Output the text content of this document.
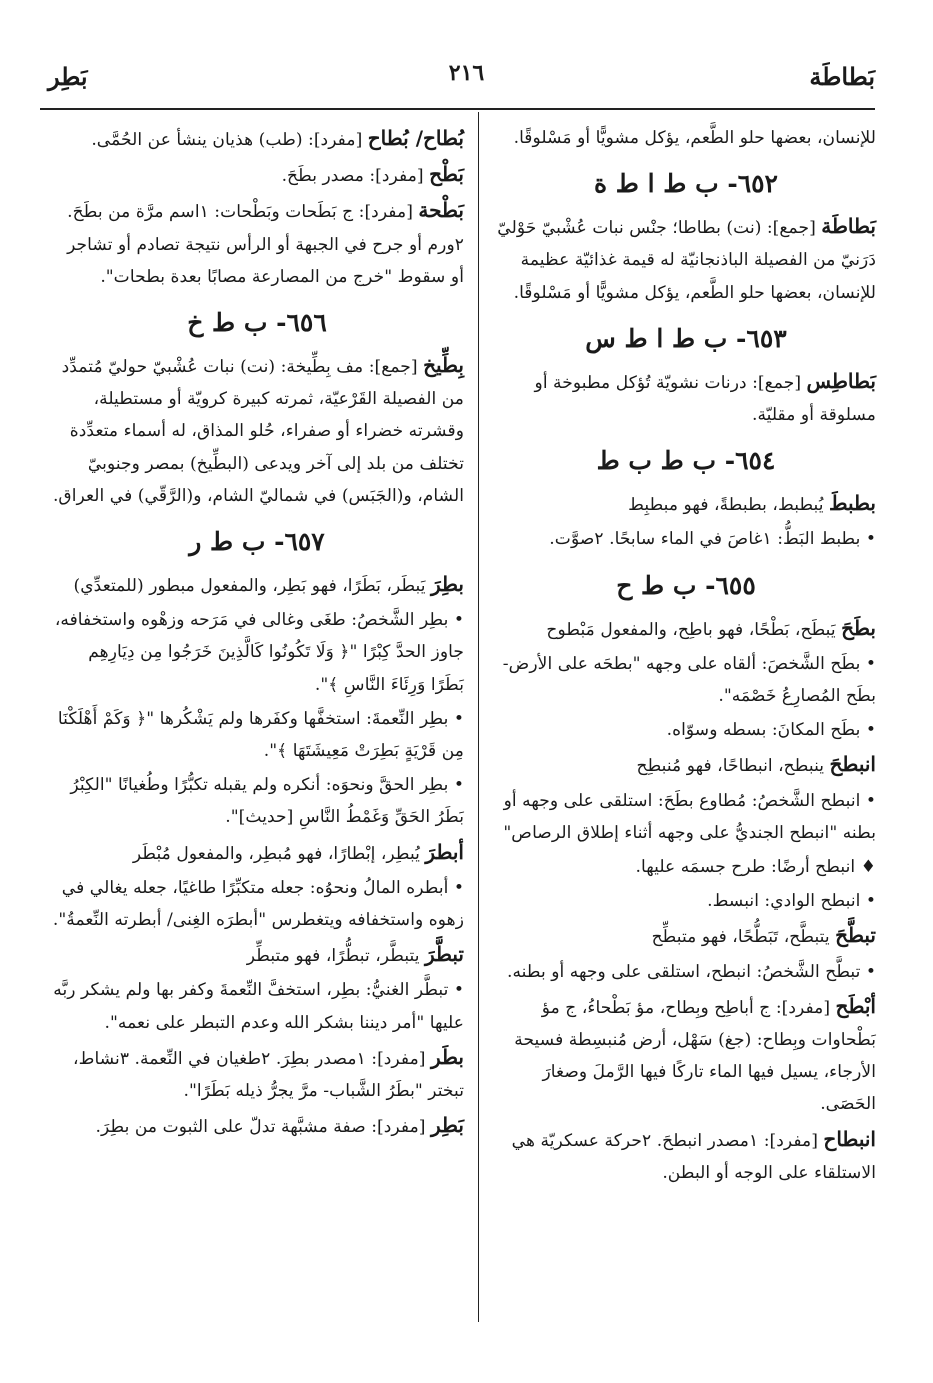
بَطاطَة
٢١٦
بَطِر
للإنسان، بعضها حلو الطَّعم، يؤكل مشويًّا أو مَسْلوقًا.
٦٥٢- ب ط ا ط ة
بَطاطَة [جمع]: (نت) بطاطا؛ جنْس نبات عُشْبيّ حَوْليّ دَرَنيّ من الفصيلة الباذنجانيّة له قيمة غذائيّة عظيمة للإنسان، بعضها حلو الطَّعم، يؤكل مشويًّا أو مَسْلوقًا.
٦٥٣- ب ط ا ط س
بَطاطِس [جمع]: درنات نشويّة تُؤكل مطبوخة أو مسلوقة أو مقليّة.
٦٥٤- ب ط ب ط
بطبطَ يُبطبط، بطبطةً، فهو مبطبِط
• بطبط البَطُّ: ١غاصَ في الماء سابحًا. ٢صوَّت.
٦٥٥- ب ط ح
بطَحَ يَبطَح، بَطْحًا، فهو باطِح، والمفعول مَبْطوح
• بطَح الشَّخصَ: ألقاه على وجهه "بطحَه على الأرض- بطَح المُصارِعُ خَصْمَه".
• بطَح المكانَ: بسطه وسوّاه.
انبطحَ ينبطح، انبطاحًا، فهو مُنبطِح
• انبطح الشَّخصُ: مُطاوع بطَحَ: استلقى على وجهه أو بطنه "انبطح الجنديُّ على وجهه أثناء إطلاق الرصاص"
♦ انبطح أرضًا: طرح جسمَه عليها.
• انبطح الوادي: انبسط.
تبطَّحَ يتبطَّح، تَبَطُّحًا، فهو متبطِّح
• تبطَّح الشَّخصُ: انبطح، استلقى على وجهه أو بطنه.
أبْطَح [مفرد]: ج أباطِح وبِطاح، مؤ بَطْحاءُ، ج مؤ بَطْحاوات وبِطاح: (جغ) سَهْل، أرض مُنبسِطة فسيحة الأرجاء، يسيل فيها الماء تاركًا فيها الرَّملَ وصغارَ الحَصَى.
انبطاح [مفرد]: ١مصدر انبطحَ. ٢حركة عسكريّة هي الاستلقاء على الوجه أو البطن.
بُطاح/ بُطاح [مفرد]: (طب) هذيان ينشأ عن الحُمَّى.
بَطْح [مفرد]: مصدر بطَحَ.
بَطْحة [مفرد]: ج بَطَحات وبَطْحات: ١اسم مرَّة من بطَحَ. ٢ورم أو جرح في الجبهة أو الرأس نتيجة تصادم أو تشاجر أو سقوط "خرج من المصارعة مصابًا بعدة بطحات".
٦٥٦- ب ط خ
بِطِّيخ [جمع]: مف بِطِّيخة: (نت) نبات عُشْبيّ حوليّ مُتمدِّد من الفصيلة القَرْعيّة، ثمرته كبيرة كرويّة أو مستطيلة، وقشرته خضراء أو صفراء، حُلو المذاق، له أسماء متعدِّدة تختلف من بلد إلى آخر ويدعى (البطِّيخ) بمصر وجنوبيّ الشام، و(الجَبَس) في شماليّ الشام، و(الرَّقّي) في العراق.
٦٥٧- ب ط ر
بطِرَ يَبطَر، بَطَرًا، فهو بَطِر، والمفعول مبطور (للمتعدِّي)
• بطِر الشَّخصُ: طغَى وغالى في مَرَحه وزهْوه واستخفافه، جاوز الحدَّ كِبْرًا "﴿ وَلَا تَكُونُوا كَالَّذِينَ خَرَجُوا مِن دِيَارِهِم بَطَرًا وَرِئَاءَ النَّاسِ ﴾".
• بطِر النِّعمةَ: استخفَّها وكفَرها ولم يَشْكُرها "﴿ وَكَمْ أَهْلَكْنَا مِن قَرْيَةٍ بَطِرَتْ مَعِيشَتَهَا ﴾".
• بطِر الحقَّ ونحوَه: أنكره ولم يقبله تكبُّرًا وطُغيانًا "الكِبْرُ بَطَرُ الحَقِّ وَغَمْطُ النَّاسِ [حديث]".
أبطرَ يُبطِر، إبْطارًا، فهو مُبطِر، والمفعول مُبْطَر
• أبطره المالُ ونحوُه: جعله متكبِّرًا طاغيًا، جعله يغالي في زهوه واستخفافه ويتغطرس "أبطرَه الغِنى/ أبطرته النِّعمةُ".
تبطَّرَ يتبطَّر، تبطُّرًا، فهو متبطِّر
• تبطَّر الغنيُّ: بطِر، استخفَّ النِّعمةَ وكفر بها ولم يشكر ربَّه عليها "أمر ديننا بشكر الله وعدم التبطر على نعمه".
بطَر [مفرد]: ١مصدر بطِرَ. ٢طغيان في النِّعمة. ٣نشاط، تبختر "بطَرُ الشَّباب- مرَّ يجرُّ ذيله بَطَرًا".
بَطِر [مفرد]: صفة مشبَّهة تدلّ على الثبوت من بطِرَ.
